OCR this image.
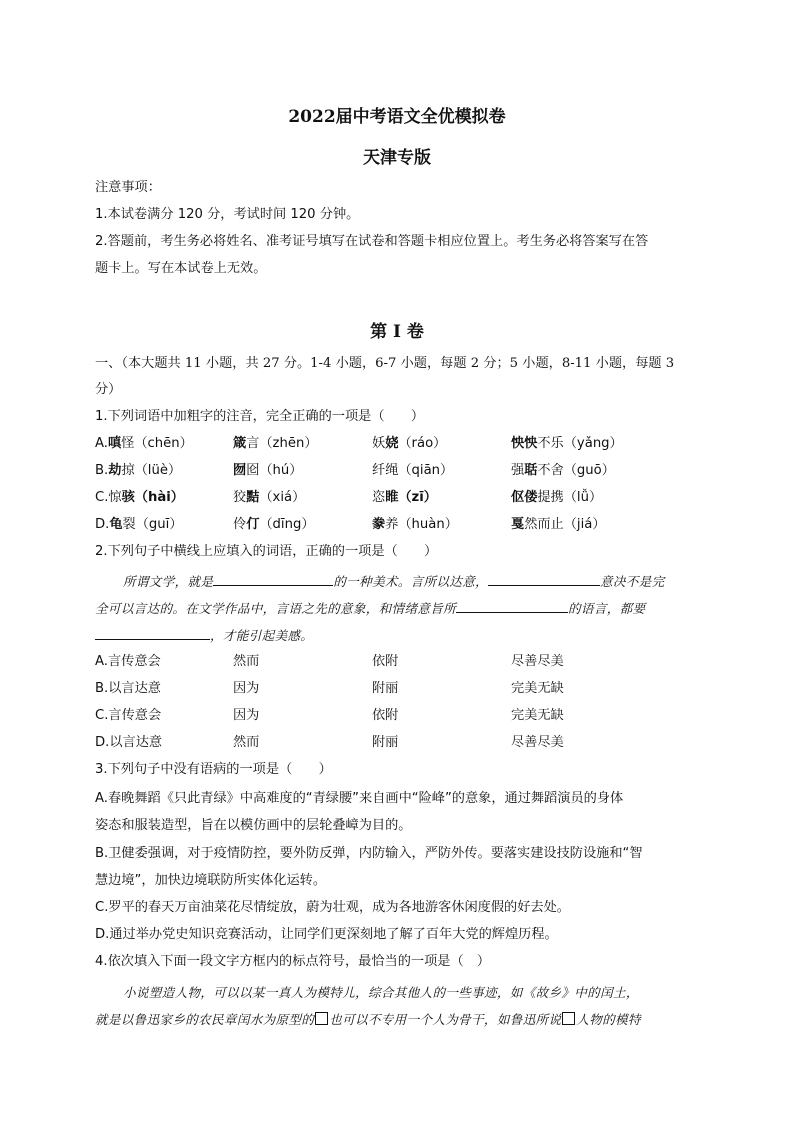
2022届中考语文全优模拟卷
天津专版
注意事项：
1.本试卷满分 120 分，考试时间 120 分钟。
2.答题前，考生务必将姓名、准考证号填写在试卷和答题卡相应位置上。考生务必将答案写在答
题卡上。写在本试卷上无效。
第 I 卷
一、（本大题共 11 小题，共 27 分。1-4 小题，6-7 小题，每题 2 分；5 小题，8-11 小题，每题 3
分）
1.下列词语中加粗字的注音，完全正确的一项是（　　）
A.嗔怪（chēn）	箴言（zhēn）	妖娆（ráo）	怏怏不乐（yǎng）
B.劫掠（lüè）	囫囵（hú）	纤绳（qiān）	强聒不舍（guō）
C.惊骇（hài）	狡黠（xiá）	恣睢（zī）	伛偻提携（lǚ）
D.龟裂（guī）	伶仃（dīng）	豢养（huàn）	戛然而止（jiá）
2.下列句子中横线上应填入的词语，正确的一项是（　　）
所谓文学，就是	的一种美术。言所以达意，	意决不是完
全可以言达的。在文学作品中，言语之先的意象，和情绪意旨所	的语言，都要
，才能引起美感。
A.言传意会	然而	依附	尽善尽美
B.以言达意	因为	附丽	完美无缺
C.言传意会	因为	依附	完美无缺
D.以言达意	然而	附丽	尽善尽美
3.下列句子中没有语病的一项是（　　）
A.春晚舞蹈《只此青绿》中高难度的“青绿腰”来自画中“险峰”的意象，通过舞蹈演员的身体
姿态和服装造型，旨在以模仿画中的层轮叠嶂为目的。
B.卫健委强调，对于疫情防控，要外防反弹，内防输入，严防外传。要落实建设技防设施和“智
慧边境”，加快边境联防所实体化运转。
C.罗平的春天万亩油菜花尽情绽放，蔚为壮观，成为各地游客休闲度假的好去处。
D.通过举办党史知识竞赛活动，让同学们更深刻地了解了百年大党的辉煌历程。
4.依次填入下面一段文字方框内的标点符号，最恰当的一项是（　）
小说塑造人物，可以以某一真人为模特儿，综合其他人的一些事迹，如《故乡》中的闰土，
就是以鲁迅家乡的农民章闰水为原型的 也可以不专用一个人为骨干，如鲁迅所说 人物的模特
